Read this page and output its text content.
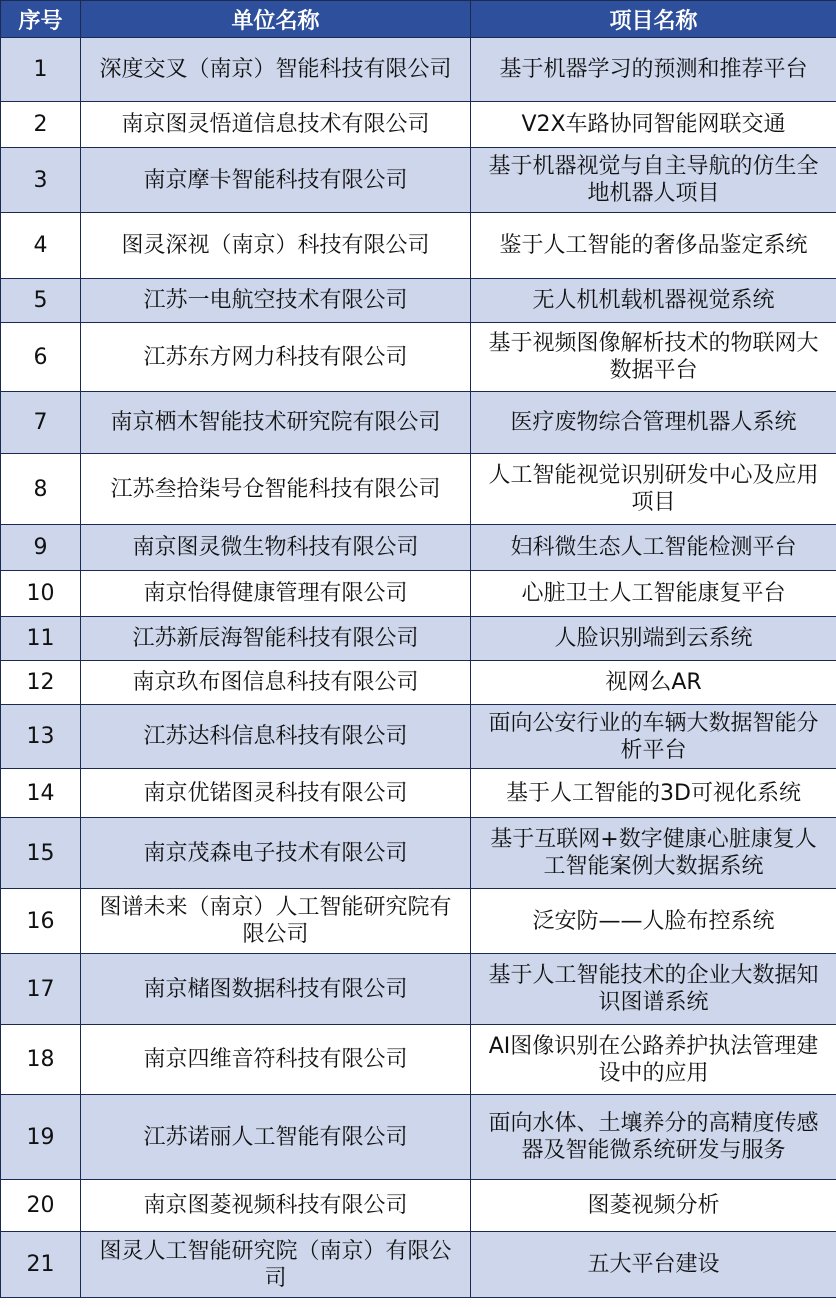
序号	单位名称	项目名称
1	深度交叉（南京）智能科技有限公司	基于机器学习的预测和推荐平台
2	南京图灵悟道信息技术有限公司	V2X车路协同智能网联交通
3	南京摩卡智能科技有限公司	基于机器视觉与自主导航的仿生全地机器人项目
4	图灵深视（南京）科技有限公司	鉴于人工智能的奢侈品鉴定系统
5	江苏一电航空技术有限公司	无人机机载机器视觉系统
6	江苏东方网力科技有限公司	基于视频图像解析技术的物联网大数据平台
7	南京栖木智能技术研究院有限公司	医疗废物综合管理机器人系统
8	江苏叁拾柒号仓智能科技有限公司	人工智能视觉识别研发中心及应用项目
9	南京图灵微生物科技有限公司	妇科微生态人工智能检测平台
10	南京怡得健康管理有限公司	心脏卫士人工智能康复平台
11	江苏新辰海智能科技有限公司	人脸识别端到云系统
12	南京玖布图信息科技有限公司	视网么AR
13	江苏达科信息科技有限公司	面向公安行业的车辆大数据智能分析平台
14	南京优锘图灵科技有限公司	基于人工智能的3D可视化系统
15	南京茂森电子技术有限公司	基于互联网+数字健康心脏康复人工智能案例大数据系统
16	图谱未来（南京）人工智能研究院有限公司	泛安防——人脸布控系统
17	南京槠图数据科技有限公司	基于人工智能技术的企业大数据知识图谱系统
18	南京四维音符科技有限公司	AI图像识别在公路养护执法管理建设中的应用
19	江苏诺丽人工智能有限公司	面向水体、土壤养分的高精度传感器及智能微系统研发与服务
20	南京图菱视频科技有限公司	图菱视频分析
21	图灵人工智能研究院（南京）有限公司	五大平台建设
